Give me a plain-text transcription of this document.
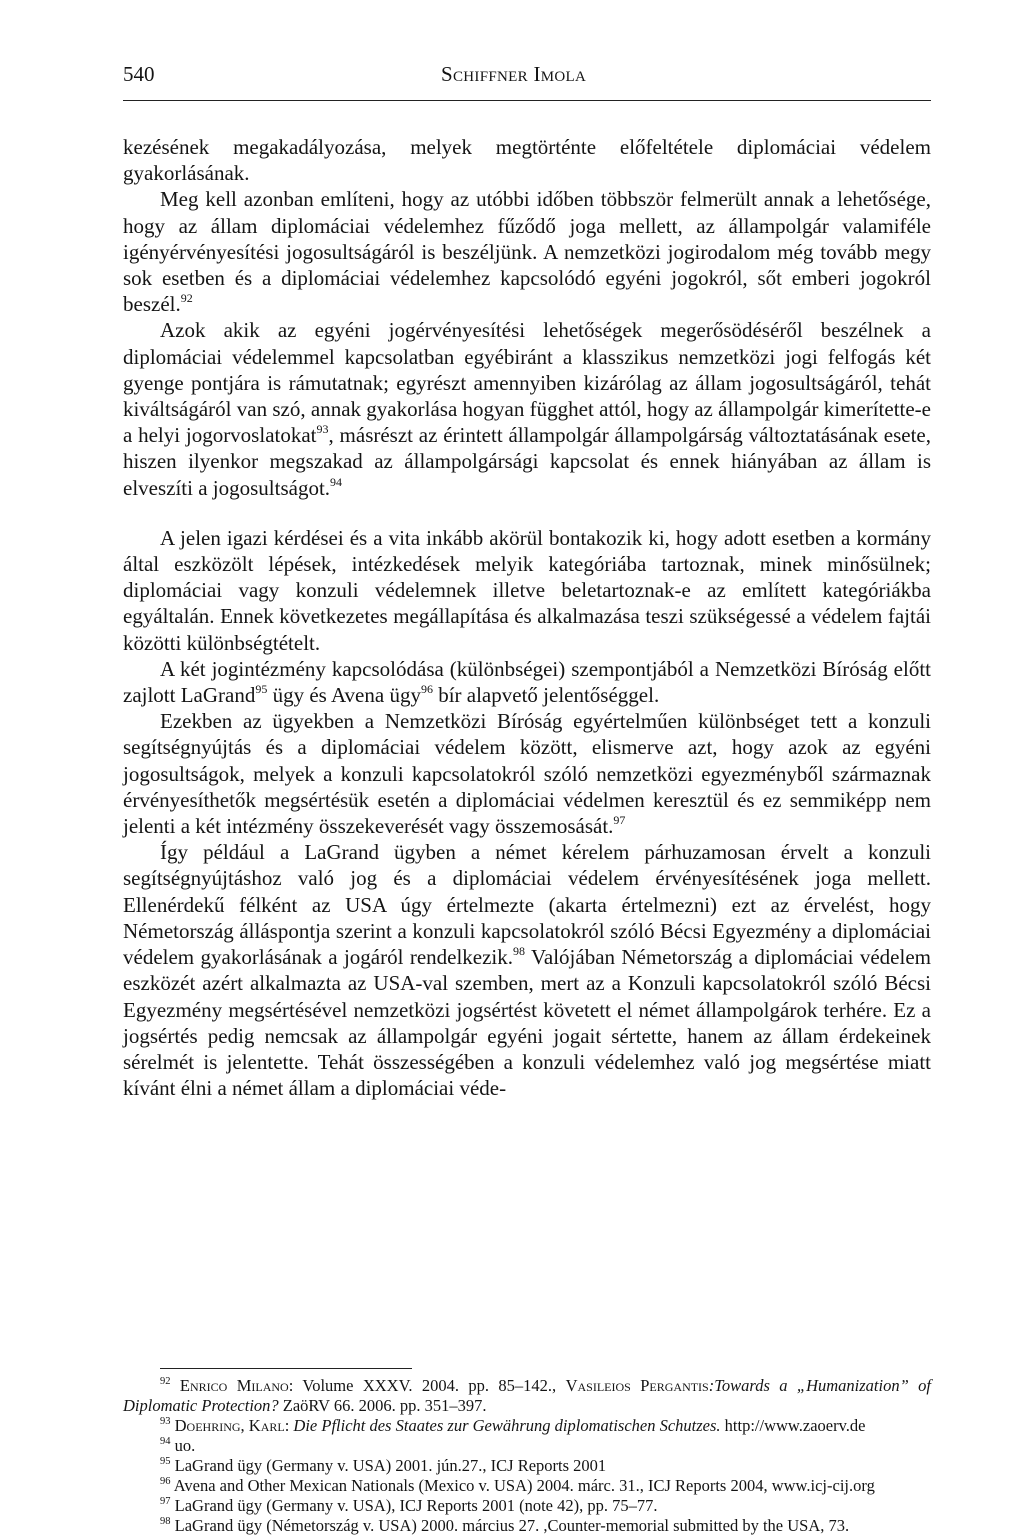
540	Schiffner Imola

kezésének megakadályozása, melyek megtörténte előfeltétele diplomáciai védelem gyakorlásának.

Meg kell azonban említeni, hogy az utóbbi időben többször felmerült annak a lehetősége, hogy az állam diplomáciai védelemhez fűződő joga mellett, az állampolgár valamiféle igényérvényesítési jogosultságáról is beszéljünk. A nemzetközi jogirodalom még tovább megy sok esetben és a diplomáciai védelemhez kapcsolódó egyéni jogokról, sőt emberi jogokról beszél.$^{92}$

Azok akik az egyéni jogérvényesítési lehetőségek megerősödéséről beszélnek a diplomáciai védelemmel kapcsolatban egyébiránt a klasszikus nemzetközi jogi felfogás két gyenge pontjára is rámutatnak; egyrészt amennyiben kizárólag az állam jogosultságáról, tehát kiváltságáról van szó, annak gyakorlása hogyan függhet attól, hogy az állampolgár kimerítette-e a helyi jogorvoslatokat$^{93}$, másrészt az érintett állampolgár állampolgárság változtatásának esete, hiszen ilyenkor megszakad az állampolgársági kapcsolat és ennek hiányában az állam is elveszíti a jogosultságot.$^{94}$

A jelen igazi kérdései és a vita inkább akörül bontakozik ki, hogy adott esetben a kormány által eszközölt lépések, intézkedések melyik kategóriába tartoznak, minek minősülnek; diplomáciai vagy konzuli védelemnek illetve beletartoznak-e az említett kategóriákba egyáltalán. Ennek következetes megállapítása és alkalmazása teszi szükségessé a védelem fajtái közötti különbségtételt.

A két jogintézmény kapcsolódása (különbségei) szempontjából a Nemzetközi Bíróság előtt zajlott LaGrand$^{95}$ ügy és Avena ügy$^{96}$ bír alapvető jelentőséggel.

Ezekben az ügyekben a Nemzetközi Bíróság egyértelműen különbséget tett a konzuli segítségnyújtás és a diplomáciai védelem között, elismerve azt, hogy azok az egyéni jogosultságok, melyek a konzuli kapcsolatokról szóló nemzetközi egyezményből származnak érvényesíthetők megsértésük esetén a diplomáciai védelmen keresztül és ez semmiképp nem jelenti a két intézmény összekeverését vagy összemosását.$^{97}$

Így például a LaGrand ügyben a német kérelem párhuzamosan érvelt a konzuli segítségnyújtáshoz való jog és a diplomáciai védelem érvényesítésének joga mellett. Ellenérdekű félként az USA úgy értelmezte (akarta értelmezni) ezt az érvelést, hogy Németország álláspontja szerint a konzuli kapcsolatokról szóló Bécsi Egyezmény a diplomáciai védelem gyakorlásának a jogáról rendelkezik.$^{98}$ Valójában Németország a diplomáciai védelem eszközét azért alkalmazta az USA-val szemben, mert az a Konzuli kapcsolatokról szóló Bécsi Egyezmény megsértésével nemzetközi jogsértést követett el német állampolgárok terhére. Ez a jogsértés pedig nemcsak az állampolgár egyéni jogait sértette, hanem az állam érdekeinek sérelmét is jelentette. Tehát összességében a konzuli védelemhez való jog megsértése miatt kívánt élni a német állam a diplomáciai véde-

$^{92}$ Enrico Milano: Volume XXXV. 2004. pp. 85–142., Vasileios Pergantis:Towards a „Humanization” of Diplomatic Protection? ZaöRV 66. 2006. pp. 351–397.

$^{93}$ Doehring, Karl: Die Pflicht des Staates zur Gewährung diplomatischen Schutzes. http://www.zaoerv.de

$^{94}$ uo.

$^{95}$ LaGrand ügy (Germany v. USA) 2001. jún.27., ICJ Reports 2001

$^{96}$ Avena and Other Mexican Nationals (Mexico v. USA) 2004. márc. 31., ICJ Reports 2004, www.icj-cij.org

$^{97}$ LaGrand ügy (Germany v. USA), ICJ Reports 2001 (note 42), pp. 75–77.

$^{98}$ LaGrand ügy (Németország v. USA) 2000. március 27. ,Counter-memorial submitted by the USA, 73.
